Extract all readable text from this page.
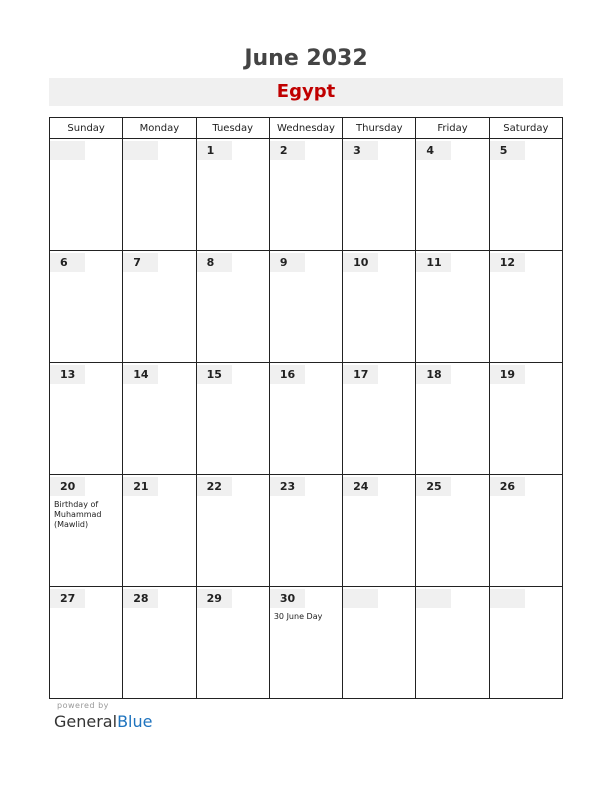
June 2032
Egypt
Sunday	Monday	Tuesday	Wednesday	Thursday	Friday	Saturday

		1	2	3	4	5

6	7	8	9	10	11	12

13	14	15	16	17	18	19

20
Birthday of Muhammad (Mawlid)	21	22	23	24	25	26

27	28	29	30
30 June Day			

powered by
GeneralBlue
